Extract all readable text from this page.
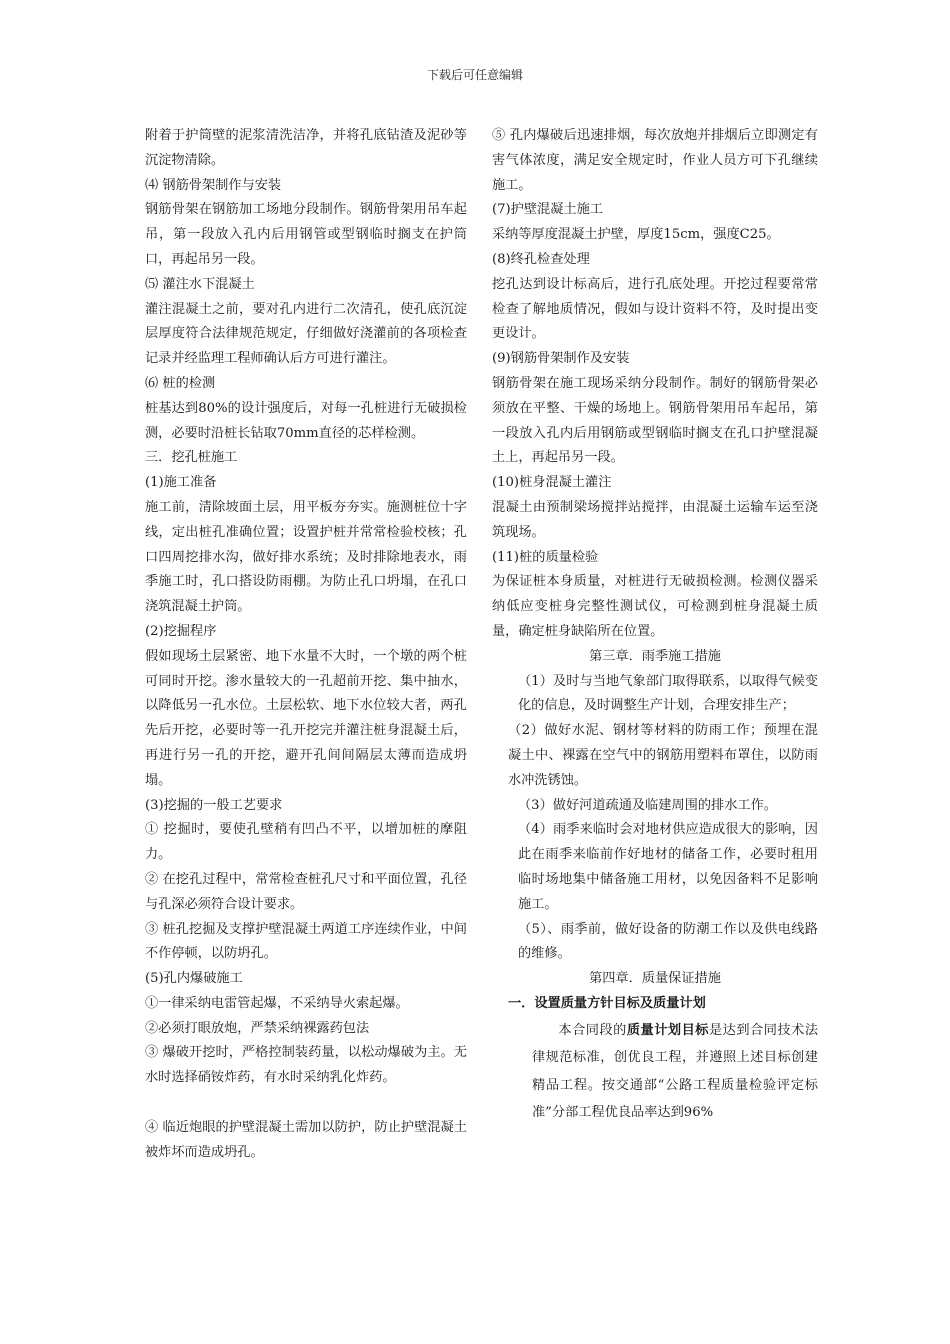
下载后可任意编辑

附着于护筒壁的泥浆清洗洁净，并将孔底钻渣及泥砂等沉淀物清除。

⑷ 钢筋骨架制作与安装

钢筋骨架在钢筋加工场地分段制作。钢筋骨架用吊车起吊，第一段放入孔内后用钢管或型钢临时搁支在护筒口，再起吊另一段。

⑸ 灌注水下混凝土

灌注混凝土之前，要对孔内进行二次清孔，使孔底沉淀层厚度符合法律规范规定，仔细做好浇灌前的各项检查记录并经监理工程师确认后方可进行灌注。

⑹ 桩的检测

桩基达到80%的设计强度后，对每一孔桩进行无破损检测，必要时沿桩长钻取70mm直径的芯样检测。

三．挖孔桩施工

(1)施工准备

施工前，清除坡面土层，用平板夯夯实。施测桩位十字线，定出桩孔准确位置；设置护桩并常常检验校核；孔口四周挖排水沟，做好排水系统；及时排除地表水，雨季施工时，孔口搭设防雨棚。为防止孔口坍塌，在孔口浇筑混凝土护筒。

(2)挖掘程序

假如现场土层紧密、地下水量不大时，一个墩的两个桩可同时开挖。渗水量较大的一孔超前开挖、集中抽水，以降低另一孔水位。土层松软、地下水位较大者，两孔先后开挖，必要时等一孔开挖完并灌注桩身混凝土后，再进行另一孔的开挖，避开孔间间隔层太薄而造成坍塌。

(3)挖掘的一般工艺要求

① 挖掘时，要使孔壁稍有凹凸不平，以增加桩的摩阻力。

② 在挖孔过程中，常常检查桩孔尺寸和平面位置，孔径与孔深必须符合设计要求。

③ 桩孔挖掘及支撑护壁混凝土两道工序连续作业，中间不作停顿，以防坍孔。

(5)孔内爆破施工

①一律采纳电雷管起爆，不采纳导火索起爆。

②必须打眼放炮，严禁采纳裸露药包法

③ 爆破开挖时，严格控制装药量，以松动爆破为主。无水时选择硝铵炸药，有水时采纳乳化炸药。

④ 临近炮眼的护壁混凝土需加以防护，防止护壁混凝土被炸坏而造成坍孔。

⑤ 孔内爆破后迅速排烟，每次放炮并排烟后立即测定有害气体浓度，满足安全规定时，作业人员方可下孔继续施工。

(7)护壁混凝土施工

采纳等厚度混凝土护壁，厚度15cm，强度C25。

(8)终孔检查处理

挖孔达到设计标高后，进行孔底处理。开挖过程要常常检查了解地质情况，假如与设计资料不符，及时提出变更设计。

(9)钢筋骨架制作及安装

钢筋骨架在施工现场采纳分段制作。制好的钢筋骨架必须放在平整、干燥的场地上。钢筋骨架用吊车起吊，第一段放入孔内后用钢筋或型钢临时搁支在孔口护壁混凝土上，再起吊另一段。

(10)桩身混凝土灌注

混凝土由预制梁场搅拌站搅拌，由混凝土运输车运至浇筑现场。

(11)桩的质量检验

为保证桩本身质量，对桩进行无破损检测。检测仪器采纳低应变桩身完整性测试仪，可检测到桩身混凝土质量，确定桩身缺陷所在位置。

第三章．雨季施工措施

（1）及时与当地气象部门取得联系，以取得气候变化的信息，及时调整生产计划，合理安排生产；

（2）做好水泥、钢材等材料的防雨工作；预埋在混凝土中、裸露在空气中的钢筋用塑料布罩住，以防雨水冲洗锈蚀。

（3）做好河道疏通及临建周围的排水工作。

（4）雨季来临时会对地材供应造成很大的影响，因此在雨季来临前作好地材的储备工作，必要时租用临时场地集中储备施工用材，以免因备料不足影响施工。

（5）、雨季前，做好设备的防潮工作以及供电线路的维修。

第四章．质量保证措施

一．设置质量方针目标及质量计划

本合同段的质量计划目标是达到合同技术法律规范标准，创优良工程，并遵照上述目标创建精品工程。按交通部“公路工程质量检验评定标准”分部工程优良品率达到96%
